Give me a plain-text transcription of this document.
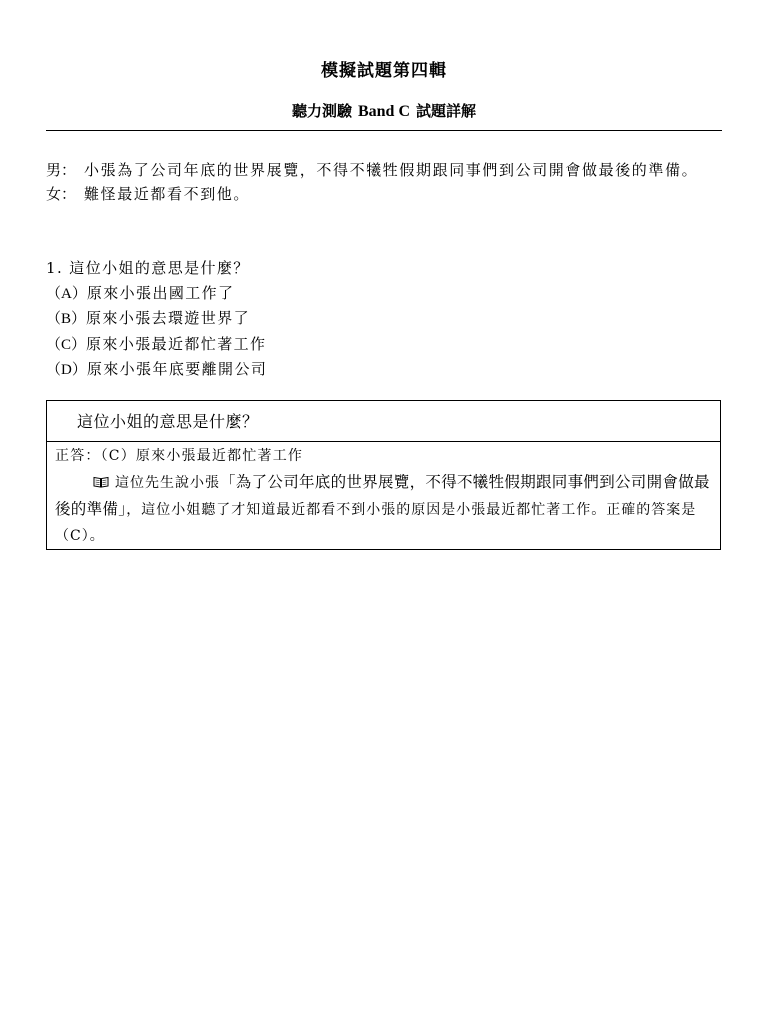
模擬試題第四輯
聽力測驗 Band C 試題詳解
男： 小張為了公司年底的世界展覽，不得不犧牲假期跟同事們到公司開會做最後的準備。
女： 難怪最近都看不到他。
1. 這位小姐的意思是什麼？
（A）原來小張出國工作了
（B）原來小張去環遊世界了
（C）原來小張最近都忙著工作
（D）原來小張年底要離開公司
這位小姐的意思是什麼？
正答：（C）原來小張最近都忙著工作
這位先生說小張「為了公司年底的世界展覽，不得不犧牲假期跟同事們到公司開會做最後的準備」，這位小姐聽了才知道最近都看不到小張的原因是小張最近都忙著工作。正確的答案是（C）。
